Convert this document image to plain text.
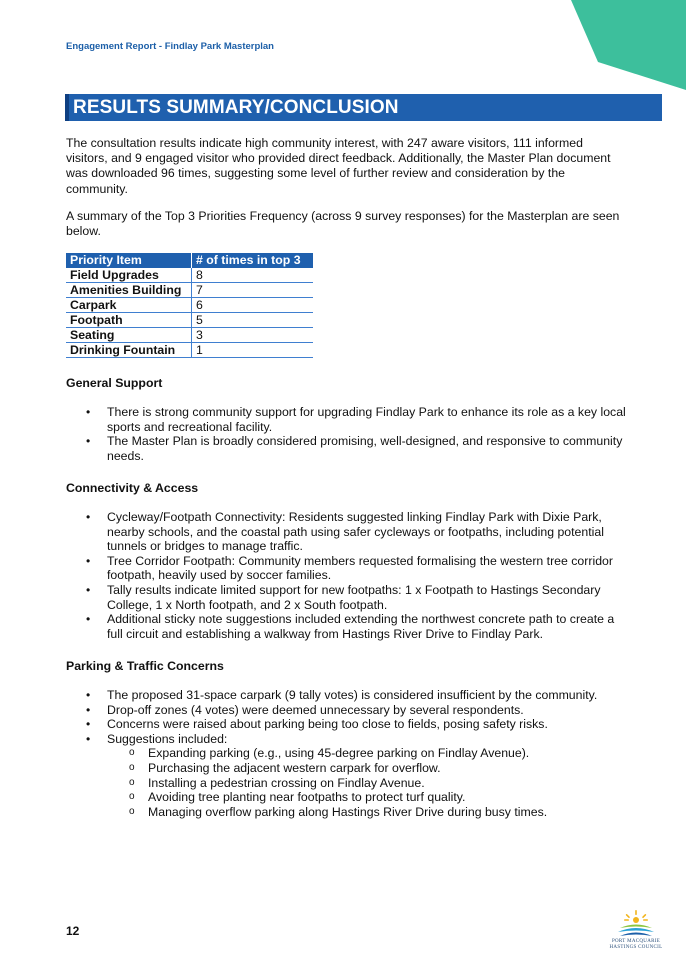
Engagement Report - Findlay Park Masterplan
RESULTS SUMMARY/CONCLUSION

The consultation results indicate high community interest, with 247 aware visitors, 111 informed visitors, and 9 engaged visitor who provided direct feedback. Additionally, the Master Plan document was downloaded 96 times, suggesting some level of further review and consideration by the community.

A summary of the Top 3 Priorities Frequency (across 9 survey responses) for the Masterplan are seen below.

Priority Item	# of times in top 3
Field Upgrades	8
Amenities Building	7
Carpark	6
Footpath	5
Seating	3
Drinking Fountain	1
General Support
• There is strong community support for upgrading Findlay Park to enhance its role as a key local sports and recreational facility.
• The Master Plan is broadly considered promising, well-designed, and responsive to community needs.
Connectivity & Access
• Cycleway/Footpath Connectivity: Residents suggested linking Findlay Park with Dixie Park, nearby schools, and the coastal path using safer cycleways or footpaths, including potential tunnels or bridges to manage traffic.
• Tree Corridor Footpath: Community members requested formalising the western tree corridor footpath, heavily used by soccer families.
• Tally results indicate limited support for new footpaths: 1 x Footpath to Hastings Secondary College, 1 x North footpath, and 2 x South footpath.
• Additional sticky note suggestions included extending the northwest concrete path to create a full circuit and establishing a walkway from Hastings River Drive to Findlay Park.
Parking & Traffic Concerns
• The proposed 31-space carpark (9 tally votes) is considered insufficient by the community.
• Drop-off zones (4 votes) were deemed unnecessary by several respondents.
• Concerns were raised about parking being too close to fields, posing safety risks.
• Suggestions included:
o Expanding parking (e.g., using 45-degree parking on Findlay Avenue).
o Purchasing the adjacent western carpark for overflow.
o Installing a pedestrian crossing on Findlay Avenue.
o Avoiding tree planting near footpaths to protect turf quality.
o Managing overflow parking along Hastings River Drive during busy times.
12
PORT MACQUARIE
HASTINGS COUNCIL
